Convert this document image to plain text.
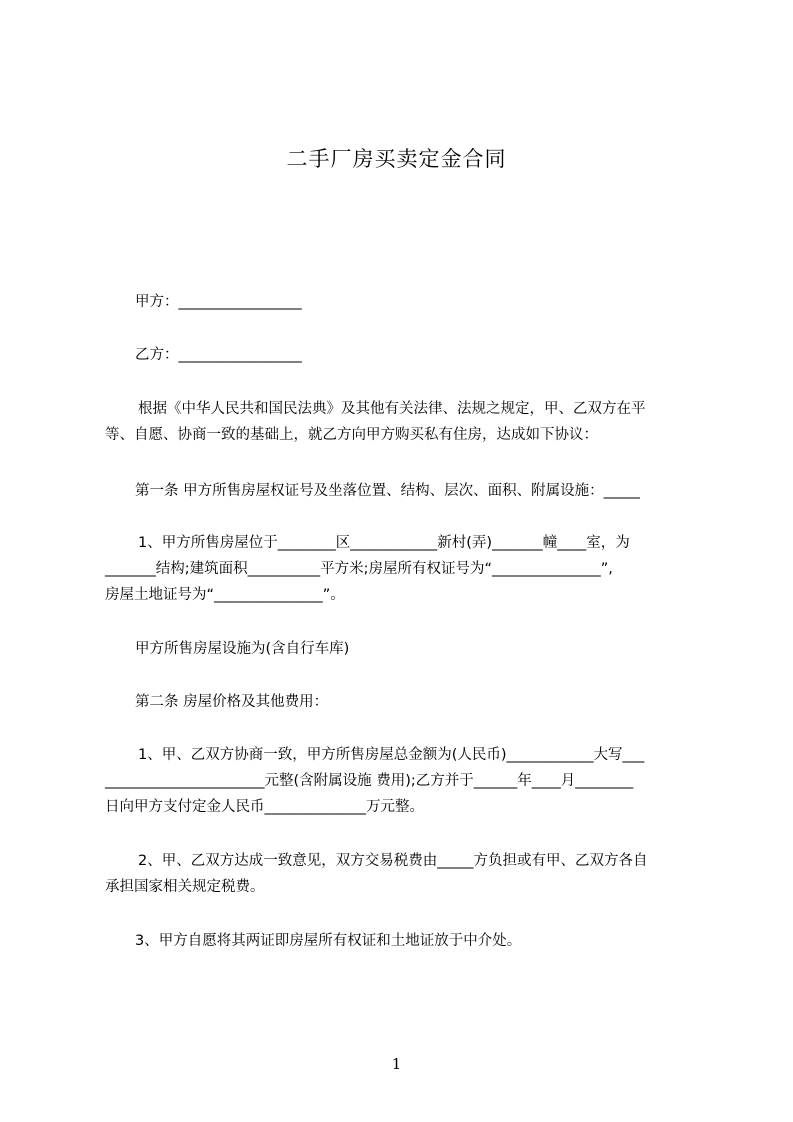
二手厂房买卖定金合同
甲方：_________________
乙方：_________________
根据《中华人民共和国民法典》及其他有关法律、法规之规定，甲、乙双方在平
等、自愿、协商一致的基础上，就乙方向甲方购买私有住房，达成如下协议：
第一条 甲方所售房屋权证号及坐落位置、结构、层次、面积、附属设施：_____
1、甲方所售房屋位于________区____________新村(弄)_______幢____室，为
_______结构;建筑面积__________平方米;房屋所有权证号为“_______________”,
房屋土地证号为“_______________”。
甲方所售房屋设施为(含自行车库)
第二条 房屋价格及其他费用：
1、甲、乙双方协商一致，甲方所售房屋总金额为(人民币)____________大写___
______________________元整(含附属设施 费用);乙方并于______年____月________
日向甲方支付定金人民币______________万元整。
2、甲、乙双方达成一致意见，双方交易税费由_____方负担或有甲、乙双方各自
承担国家相关规定税费。
3、甲方自愿将其两证即房屋所有权证和土地证放于中介处。
1
